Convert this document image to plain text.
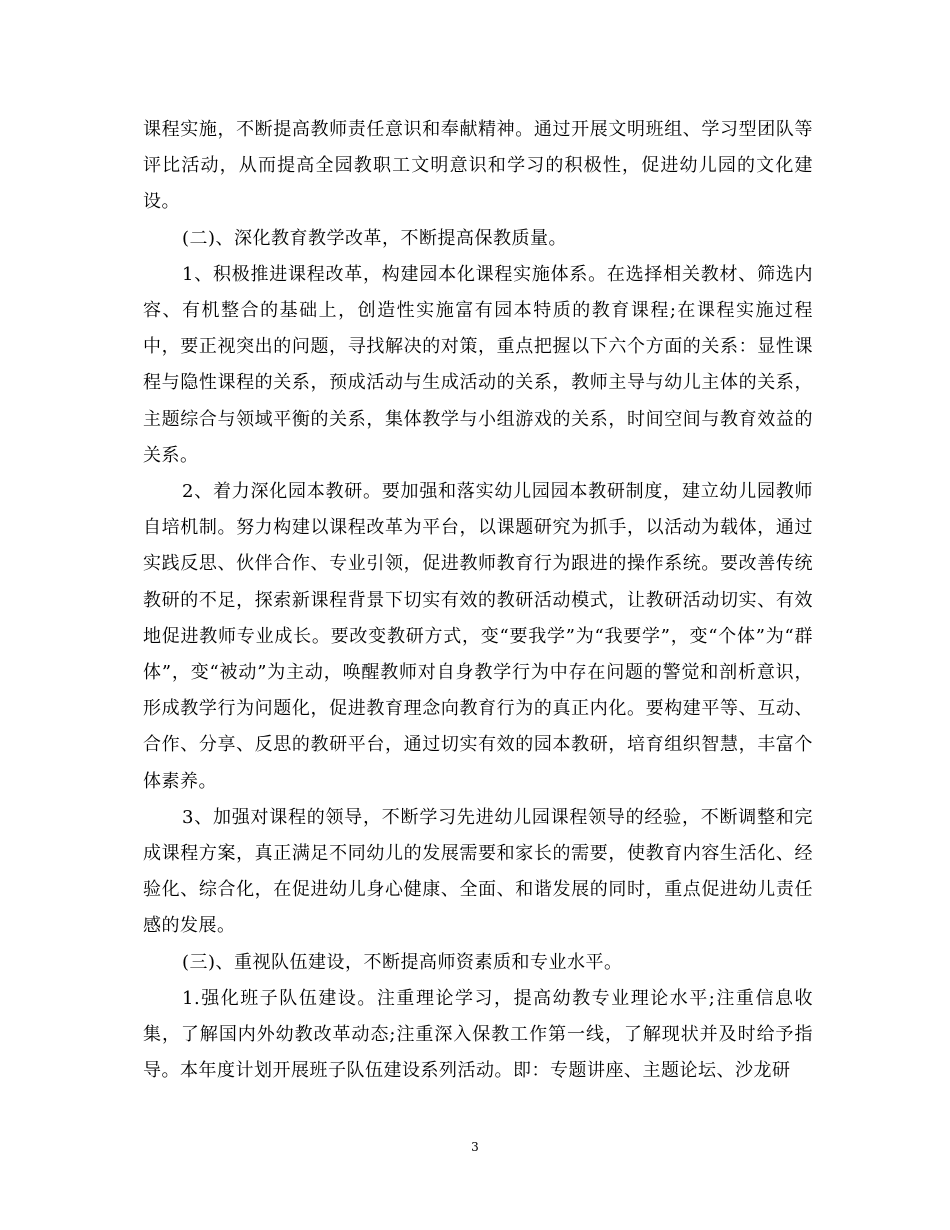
课程实施，不断提高教师责任意识和奉献精神。通过开展文明班组、学习型团队等评比活动，从而提高全园教职工文明意识和学习的积极性，促进幼儿园的文化建设。

(二)、深化教育教学改革，不断提高保教质量。

1、积极推进课程改革，构建园本化课程实施体系。在选择相关教材、筛选内容、有机整合的基础上，创造性实施富有园本特质的教育课程;在课程实施过程中，要正视突出的问题，寻找解决的对策，重点把握以下六个方面的关系：显性课程与隐性课程的关系，预成活动与生成活动的关系，教师主导与幼儿主体的关系，主题综合与领域平衡的关系，集体教学与小组游戏的关系，时间空间与教育效益的关系。

2、着力深化园本教研。要加强和落实幼儿园园本教研制度，建立幼儿园教师自培机制。努力构建以课程改革为平台，以课题研究为抓手，以活动为载体，通过实践反思、伙伴合作、专业引领，促进教师教育行为跟进的操作系统。要改善传统教研的不足，探索新课程背景下切实有效的教研活动模式，让教研活动切实、有效地促进教师专业成长。要改变教研方式，变“要我学”为“我要学”，变“个体”为“群体”，变“被动”为主动，唤醒教师对自身教学行为中存在问题的警觉和剖析意识，形成教学行为问题化，促进教育理念向教育行为的真正内化。要构建平等、互动、合作、分享、反思的教研平台，通过切实有效的园本教研，培育组织智慧，丰富个体素养。

3、加强对课程的领导，不断学习先进幼儿园课程领导的经验，不断调整和完成课程方案，真正满足不同幼儿的发展需要和家长的需要，使教育内容生活化、经验化、综合化，在促进幼儿身心健康、全面、和谐发展的同时，重点促进幼儿责任感的发展。

(三)、重视队伍建设，不断提高师资素质和专业水平。

1.强化班子队伍建设。注重理论学习，提高幼教专业理论水平;注重信息收集，了解国内外幼教改革动态;注重深入保教工作第一线，了解现状并及时给予指导。本年度计划开展班子队伍建设系列活动。即：专题讲座、主题论坛、沙龙研

3
